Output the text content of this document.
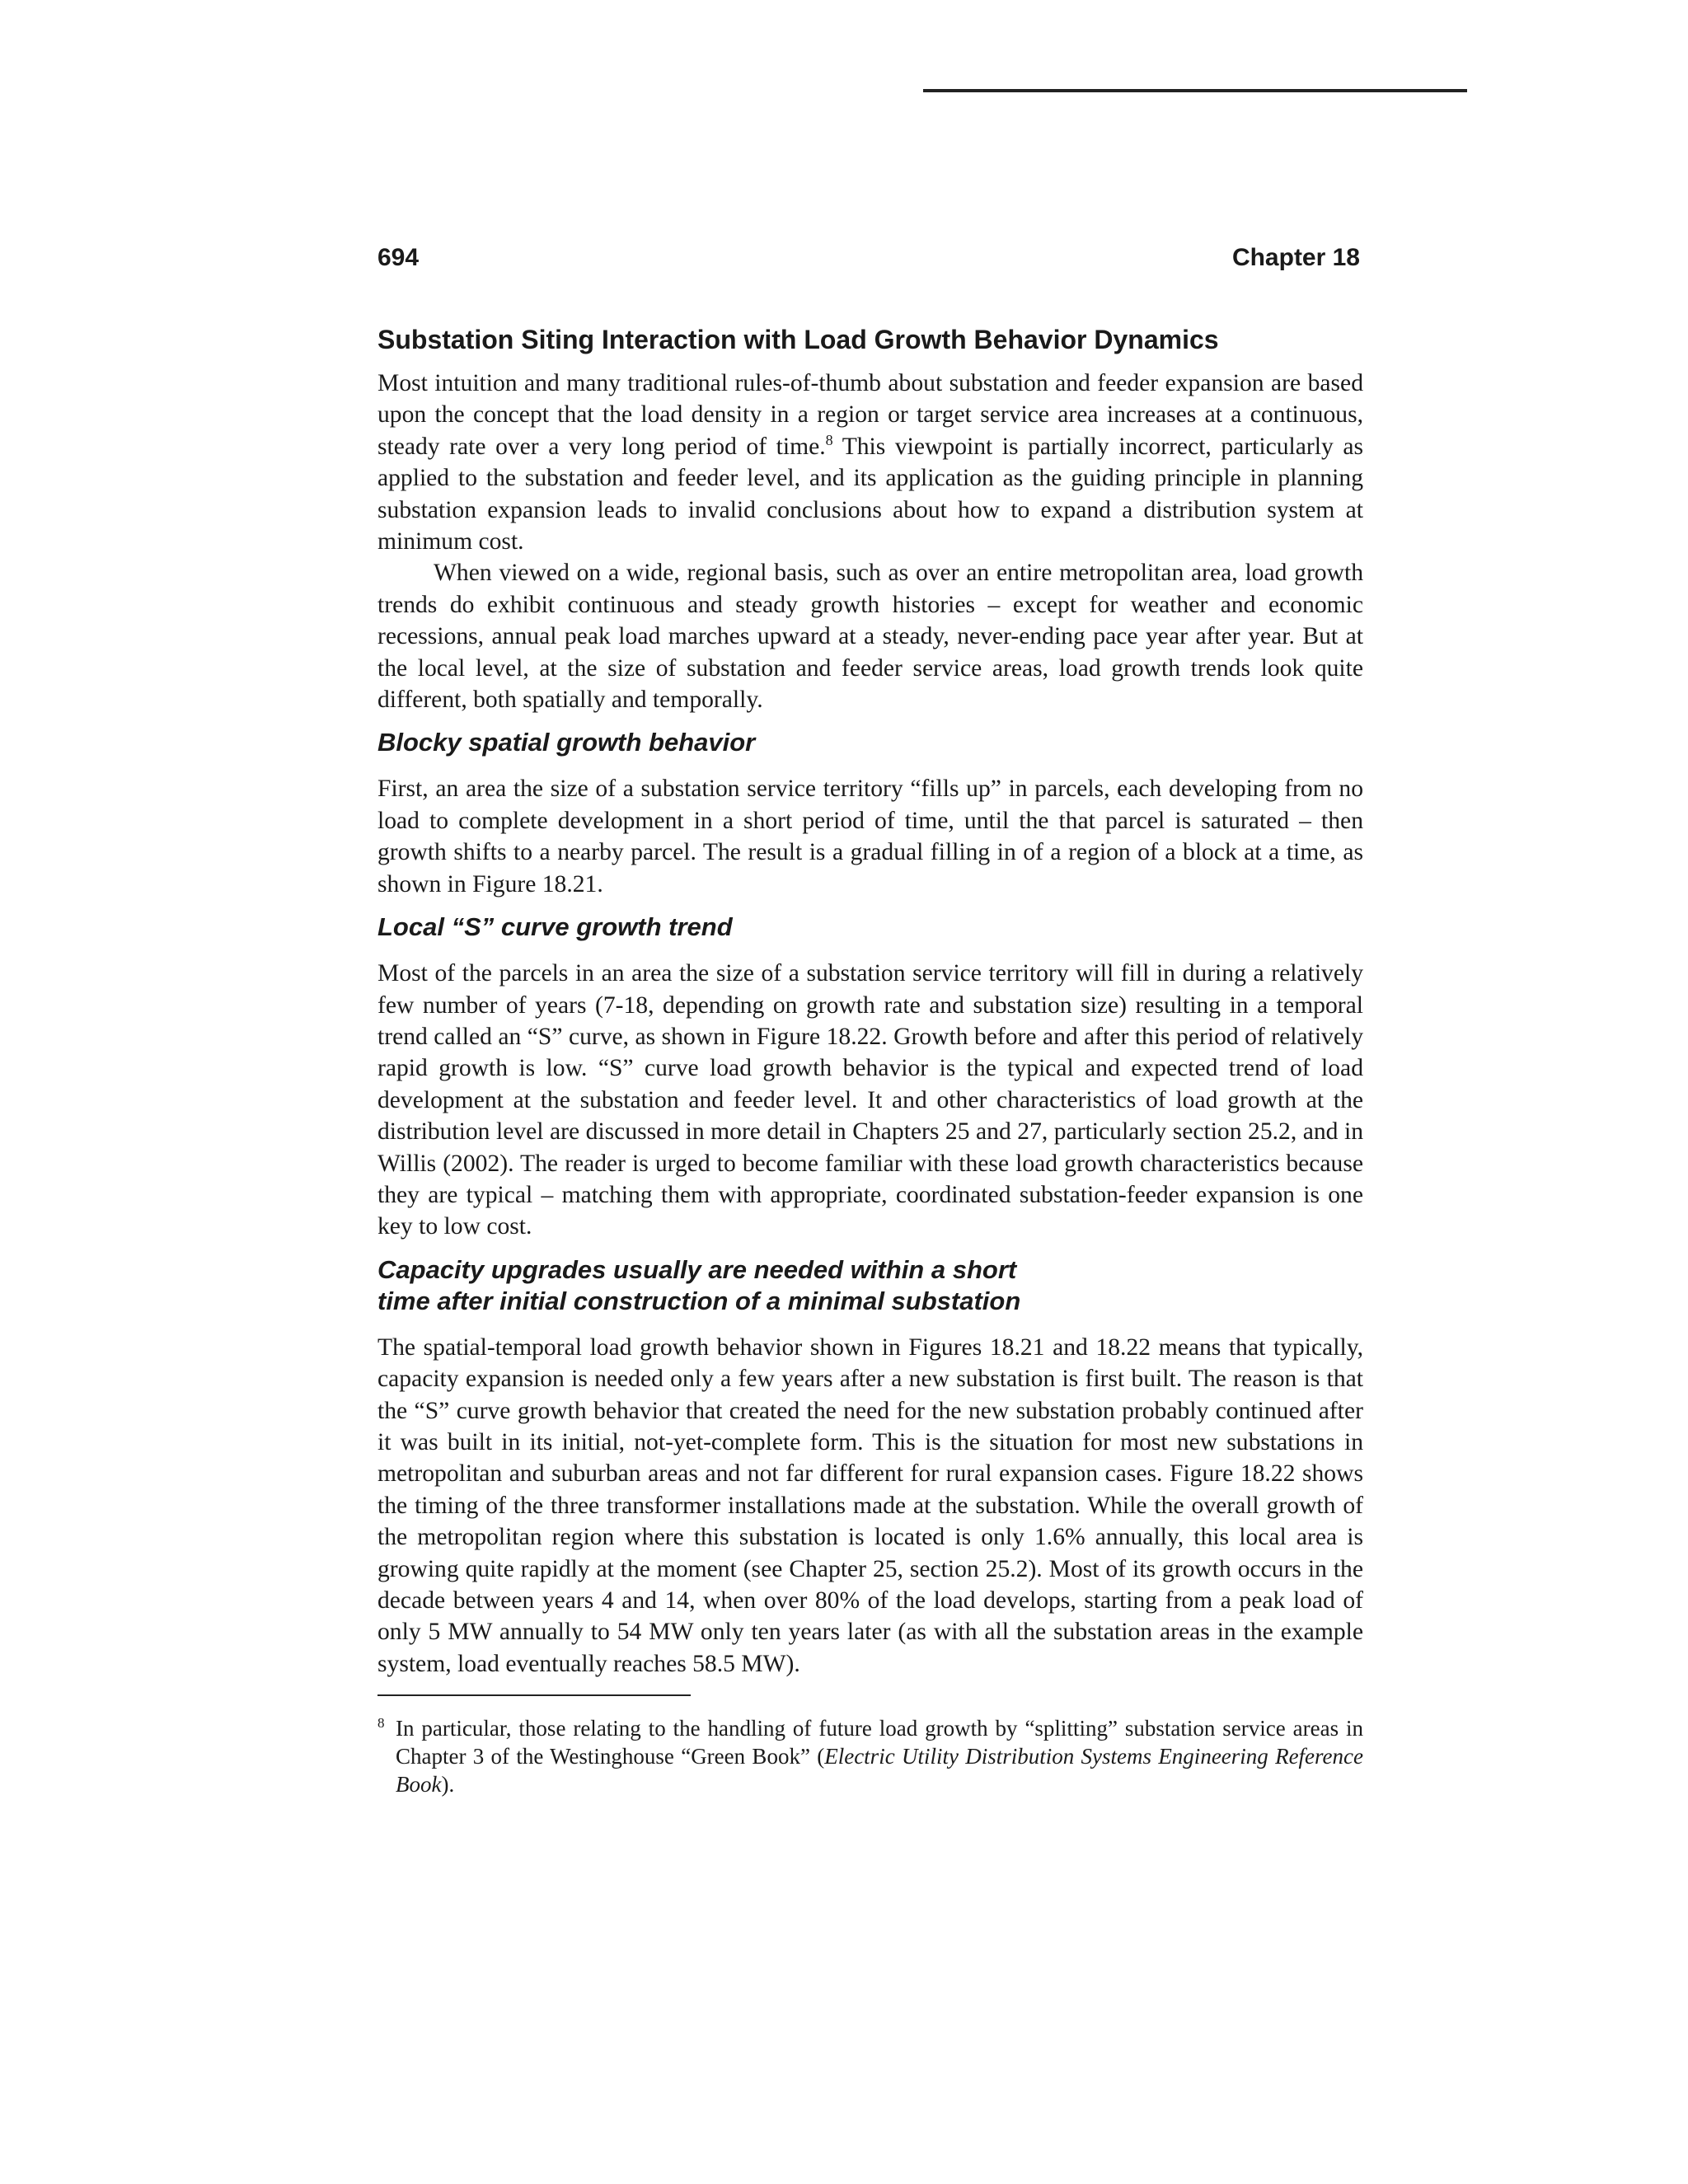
694	Chapter 18
Substation Siting Interaction with Load Growth Behavior Dynamics

Most intuition and many traditional rules-of-thumb about substation and feeder expansion are based upon the concept that the load density in a region or target service area increases at a continuous, steady rate over a very long period of time.$^8$ This viewpoint is partially incorrect, particularly as applied to the substation and feeder level, and its application as the guiding principle in planning substation expansion leads to invalid conclusions about how to expand a distribution system at minimum cost.

When viewed on a wide, regional basis, such as over an entire metropolitan area, load growth trends do exhibit continuous and steady growth histories – except for weather and economic recessions, annual peak load marches upward at a steady, never-ending pace year after year. But at the local level, at the size of substation and feeder service areas, load growth trends look quite different, both spatially and temporally.

Blocky spatial growth behavior

First, an area the size of a substation service territory “fills up” in parcels, each developing from no load to complete development in a short period of time, until the that parcel is saturated – then growth shifts to a nearby parcel. The result is a gradual filling in of a region of a block at a time, as shown in Figure 18.21.

Local “S” curve growth trend

Most of the parcels in an area the size of a substation service territory will fill in during a relatively few number of years (7-18, depending on growth rate and substation size) resulting in a temporal trend called an “S” curve, as shown in Figure 18.22. Growth before and after this period of relatively rapid growth is low. “S” curve load growth behavior is the typical and expected trend of load development at the substation and feeder level. It and other characteristics of load growth at the distribution level are discussed in more detail in Chapters 25 and 27, particularly section 25.2, and in Willis (2002). The reader is urged to become familiar with these load growth characteristics because they are typical – matching them with appropriate, coordinated substation-feeder expansion is one key to low cost.

Capacity upgrades usually are needed within a short
time after initial construction of a minimal substation

The spatial-temporal load growth behavior shown in Figures 18.21 and 18.22 means that typically, capacity expansion is needed only a few years after a new substation is first built. The reason is that the “S” curve growth behavior that created the need for the new substation probably continued after it was built in its initial, not-yet-complete form. This is the situation for most new substations in metropolitan and suburban areas and not far different for rural expansion cases. Figure 18.22 shows the timing of the three transformer installations made at the substation. While the overall growth of the metropolitan region where this substation is located is only 1.6% annually, this local area is growing quite rapidly at the moment (see Chapter 25, section 25.2). Most of its growth occurs in the decade between years 4 and 14, when over 80% of the load develops, starting from a peak load of only 5 MW annually to 54 MW only ten years later (as with all the substation areas in the example system, load eventually reaches 58.5 MW).

8 In particular, those relating to the handling of future load growth by “splitting” substation service areas in Chapter 3 of the Westinghouse “Green Book” (Electric Utility Distribution Systems Engineering Reference Book).
